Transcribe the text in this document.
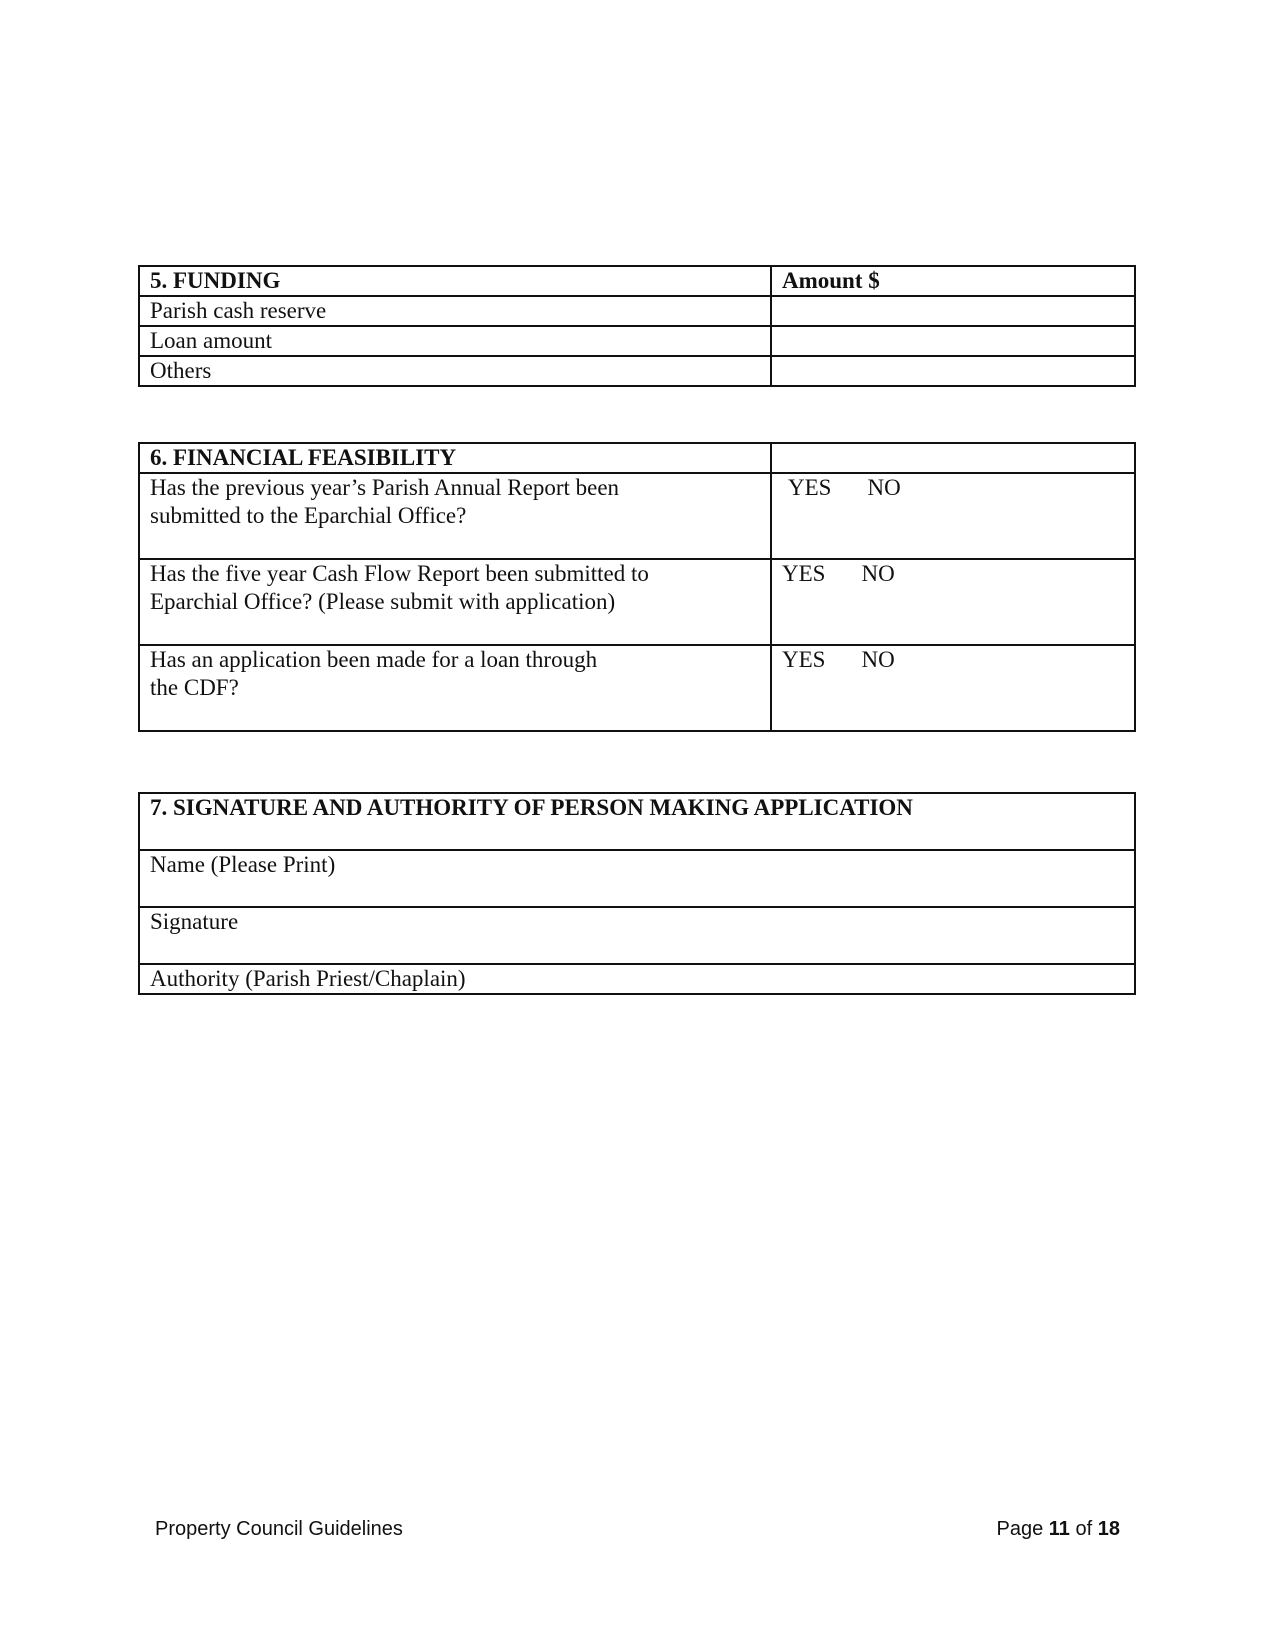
5. FUNDING	Amount $
Parish cash reserve	
Loan amount	
Others	
6. FINANCIAL FEASIBILITY	

Has the previous year’s Parish Annual Report been
submitted to the Eparchial Office?	YES NO

Has the five year Cash Flow Report been submitted to
Eparchial Office? (Please submit with application)	YES NO

Has an application been made for a loan through
the CDF?	YES NO
7. SIGNATURE AND AUTHORITY OF PERSON MAKING APPLICATION
Name (Please Print)
Signature
Authority (Parish Priest/Chaplain)
Property Council Guidelines	Page 11 of 18
